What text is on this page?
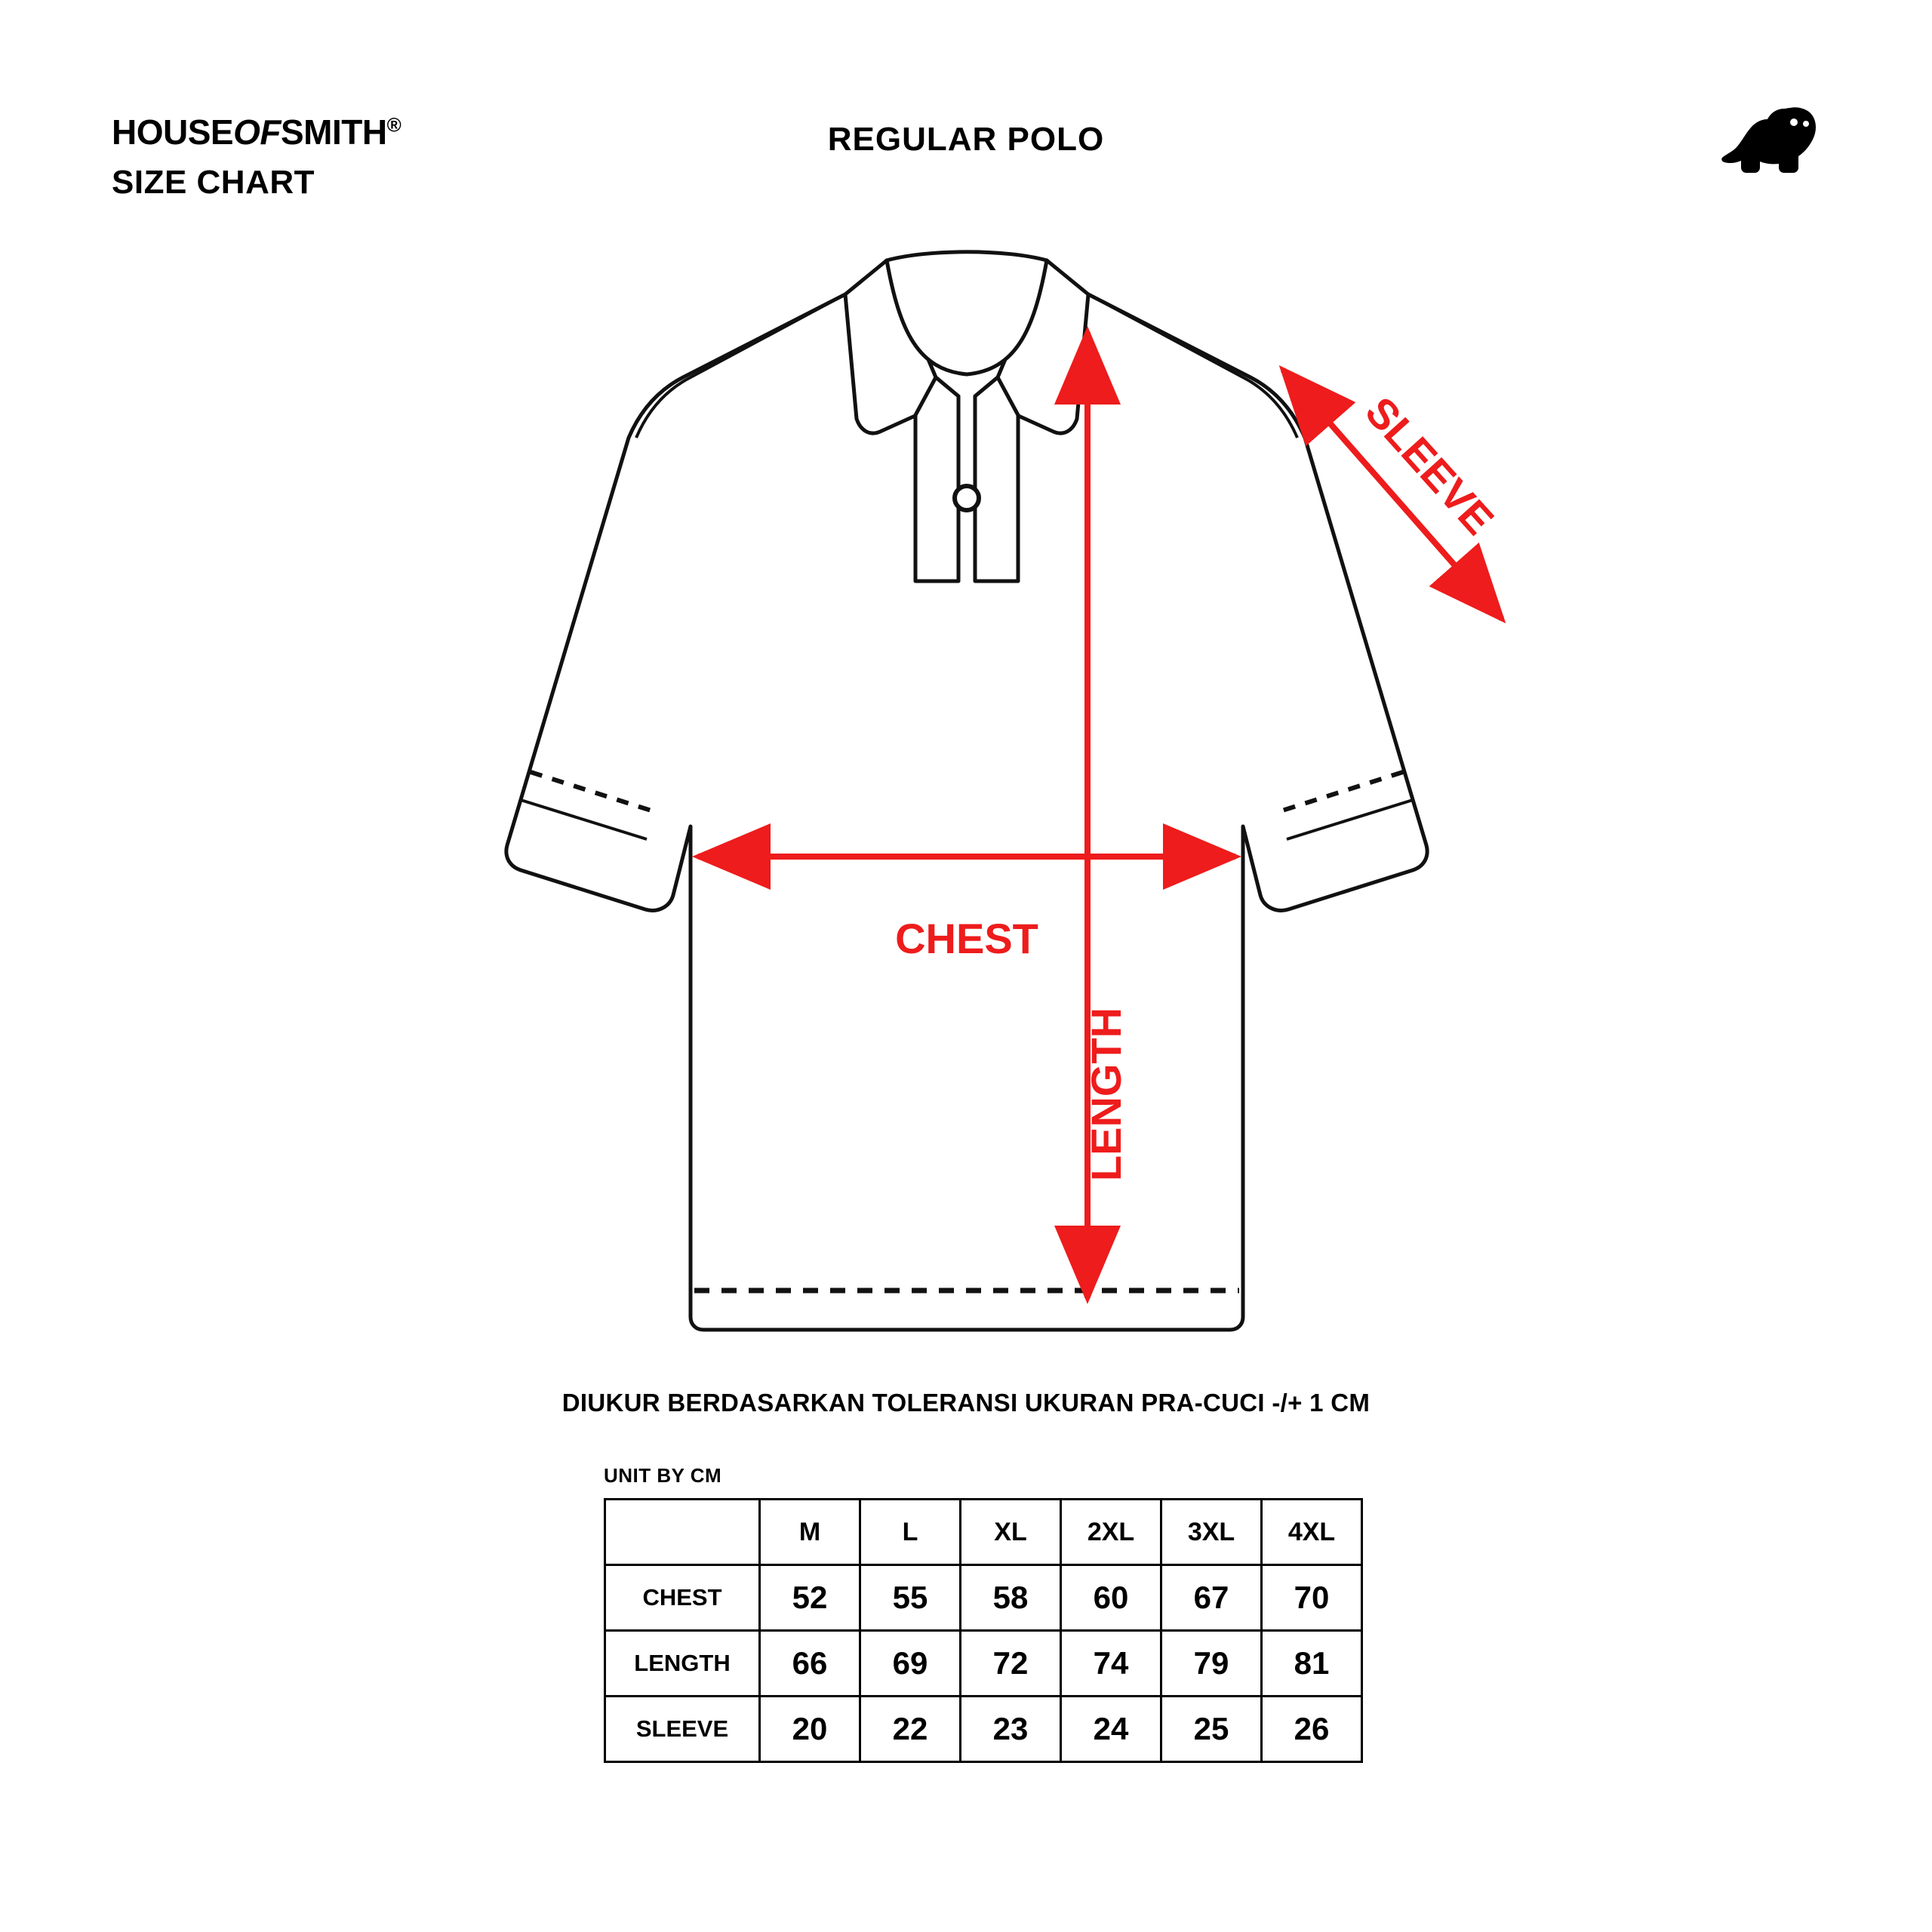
HOUSEOFSMITH®
SIZE CHART
REGULAR POLO
CHEST
LENGTH
SLEEVE
DIUKUR BERDASARKAN TOLERANSI UKURAN PRA-CUCI -/+ 1 CM
UNIT BY CM
	M	L	XL	2XL	3XL	4XL
CHEST	52	55	58	60	67	70
LENGTH	66	69	72	74	79	81
SLEEVE	20	22	23	24	25	26
